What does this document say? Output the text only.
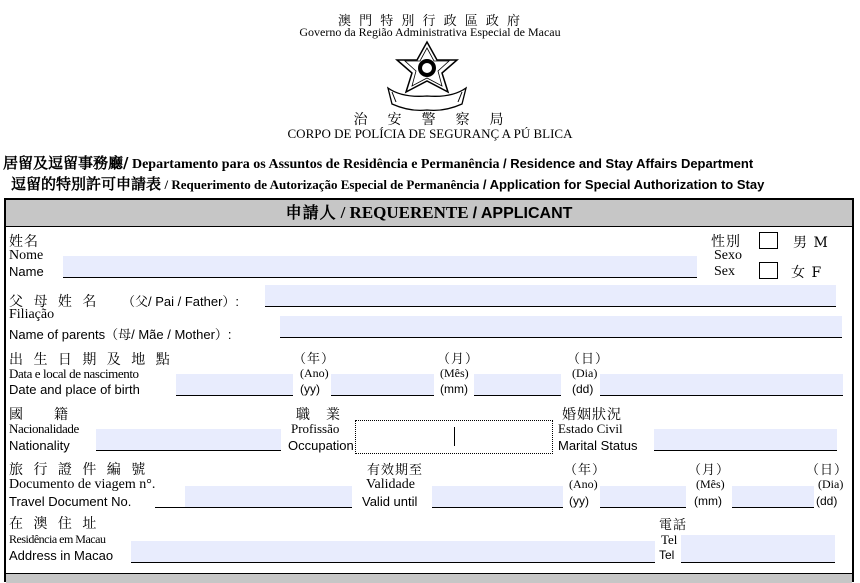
澳 門 特 別 行 政 區 政 府
Governo da Região Administrativa Especial de Macau
治　安　警　察　局
CORPO DE POLÍCIA DE SEGURANÇ A PÚ BLICA
居留及逗留事務廳/ Departamento para os Assuntos de Residência e Permanência / Residence and Stay Affairs Department
逗留的特別許可申請表 / Requerimento de Autorização Especial de Permanência / Application for Special Authorization to Stay
申請人 / REQUERENTE / APPLICANT
姓名
Nome
Name
性別
Sexo
Sex
男 M
女 F
父 母 姓 名 （父/ Pai / Father）:
Filiação
Name of parents（母/ Mãe / Mother）:
出 生 日 期 及 地 點
Data e local de nascimento
Date and place of birth
（年）
(Ano)
(yy)
（月）
(Mês)
(mm)
（日）
(Dia)
(dd)
國　　籍
Nacionalidade
Nationality
職　業
Profissão
Occupation
婚姻狀況
Estado Civil
Marital Status
旅 行 證 件 編 號
Documento de viagem n°.
Travel Document No.
有效期至
Validade
Valid until
（年）
(Ano)
(yy)
（月）
(Mês)
(mm)
（日）
(Dia)
(dd)
在 澳 住 址
Residência em Macau
Address in Macao
電話
Tel
Tel
